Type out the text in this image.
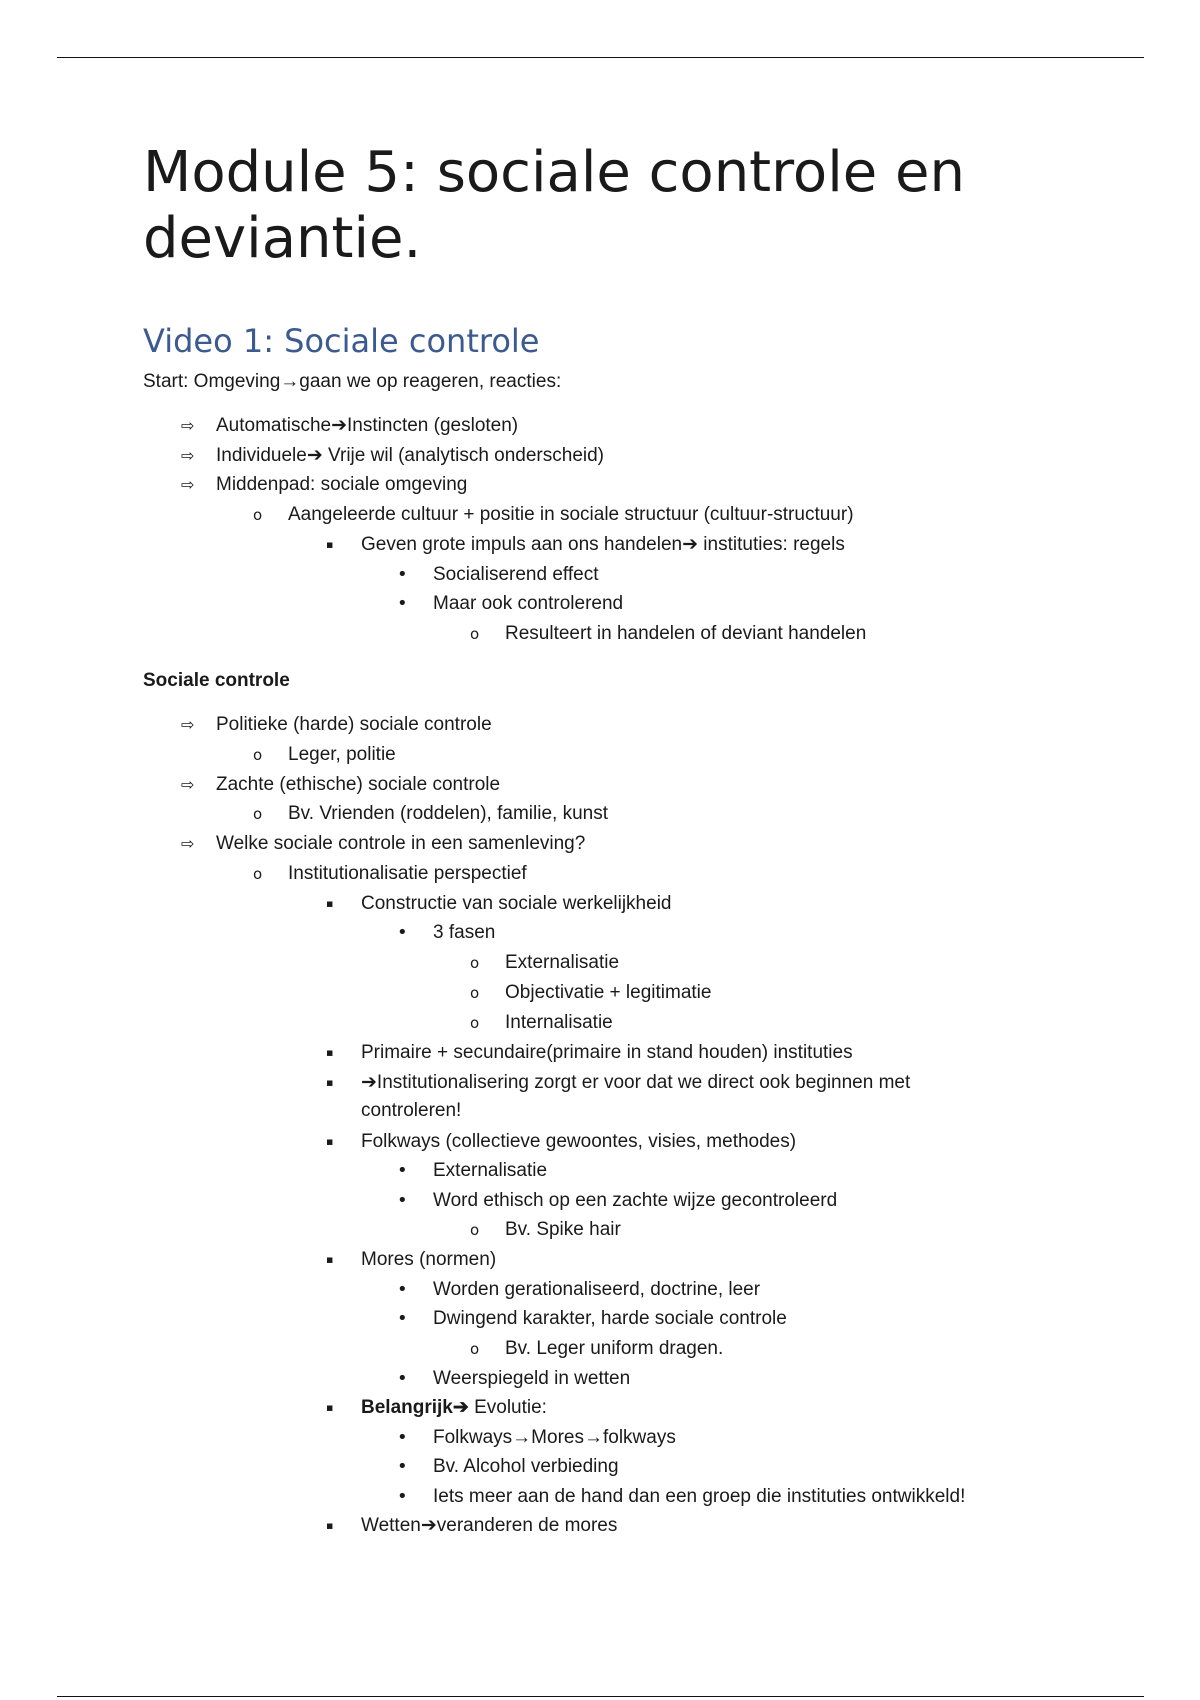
Module 5: sociale controle en deviantie.
Video 1: Sociale controle
Start: Omgeving→gaan we op reageren, reacties:
⇨ Automatische➔Instincten (gesloten)
⇨ Individuele➔ Vrije wil (analytisch onderscheid)
⇨ Middenpad: sociale omgeving
o Aangeleerde cultuur + positie in sociale structuur (cultuur-structuur)
▪ Geven grote impuls aan ons handelen➔ instituties: regels
• Socialiserend effect
• Maar ook controlerend
o Resulteert in handelen of deviant handelen
Sociale controle
⇨ Politieke (harde) sociale controle
o Leger, politie
⇨ Zachte (ethische) sociale controle
o Bv. Vrienden (roddelen), familie, kunst
⇨ Welke sociale controle in een samenleving?
o Institutionalisatie perspectief
▪ Constructie van sociale werkelijkheid
• 3 fasen
o Externalisatie
o Objectivatie + legitimatie
o Internalisatie
▪ Primaire + secundaire(primaire in stand houden) instituties
▪ ➔Institutionalisering zorgt er voor dat we direct ook beginnen met
controleren!
▪ Folkways (collectieve gewoontes, visies, methodes)
• Externalisatie
• Word ethisch op een zachte wijze gecontroleerd
o Bv. Spike hair
▪ Mores (normen)
• Worden gerationaliseerd, doctrine, leer
• Dwingend karakter, harde sociale controle
o Bv. Leger uniform dragen.
• Weerspiegeld in wetten
▪ Belangrijk➔ Evolutie:
• Folkways→Mores→folkways
• Bv. Alcohol verbieding
• Iets meer aan de hand dan een groep die instituties ontwikkeld!
▪ Wetten➔veranderen de mores
